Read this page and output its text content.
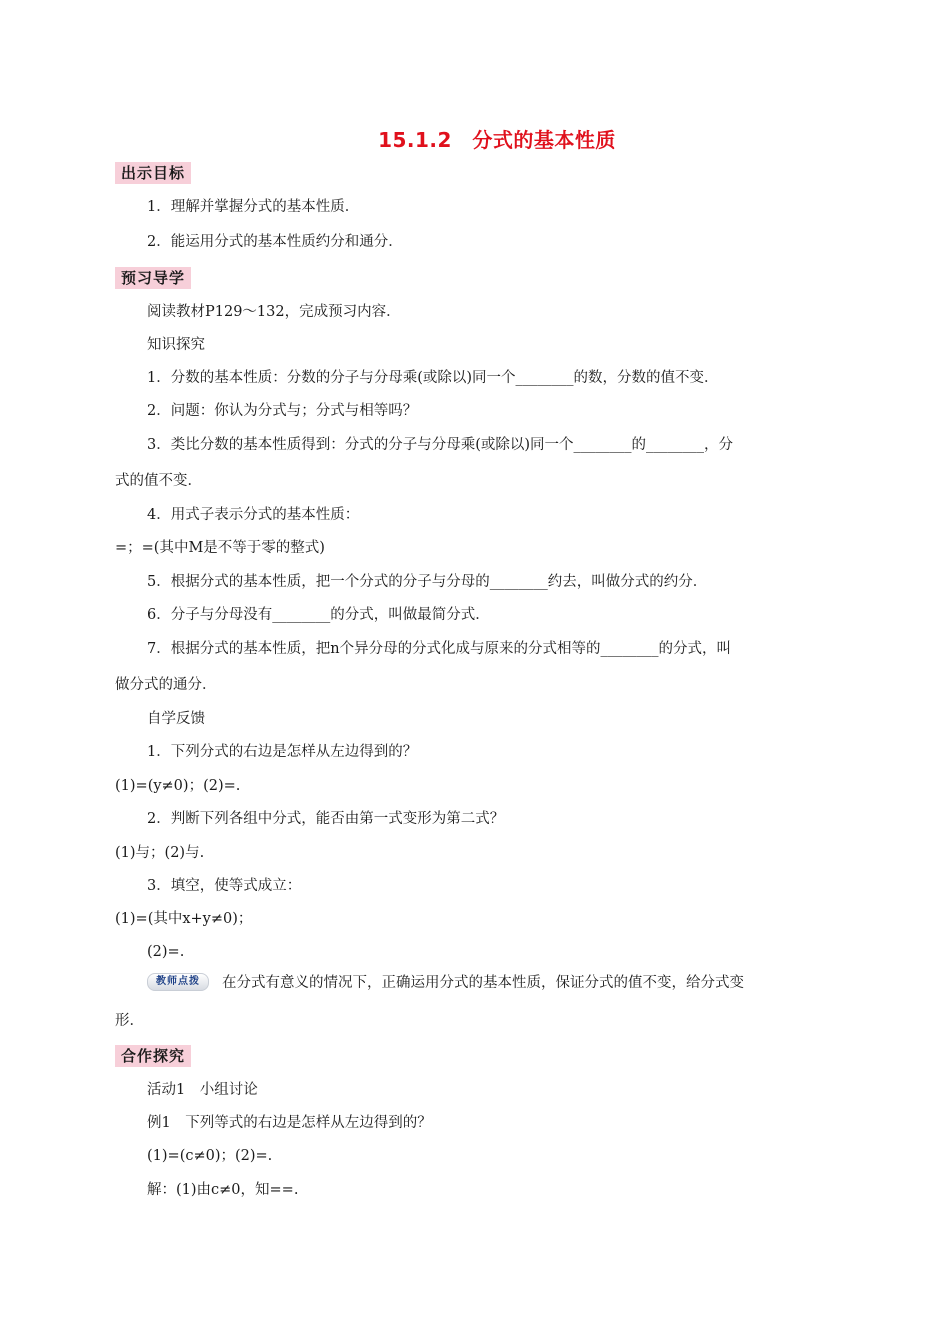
15.1.2　分式的基本性质
出示目标
1．理解并掌握分式的基本性质．
2．能运用分式的基本性质约分和通分．
预习导学
阅读教材P129～132，完成预习内容．
知识探究
1．分数的基本性质：分数的分子与分母乘(或除以)同一个________的数，分数的值不变．
2．问题：你认为分式与；分式与相等吗？
3．类比分数的基本性质得到：分式的分子与分母乘(或除以)同一个________的________，分
式的值不变．
4．用式子表示分式的基本性质：
=；=(其中M是不等于零的整式)
5．根据分式的基本性质，把一个分式的分子与分母的________约去，叫做分式的约分．
6．分子与分母没有________的分式，叫做最简分式．
7．根据分式的基本性质，把n个异分母的分式化成与原来的分式相等的________的分式，叫
做分式的通分．
自学反馈
1．下列分式的右边是怎样从左边得到的？
(1)=(y≠0)；(2)=.
2．判断下列各组中分式，能否由第一式变形为第二式？
(1)与；(2)与.
3．填空，使等式成立：
(1)=(其中x+y≠0)；
(2)=.
教师点拨	在分式有意义的情况下，正确运用分式的基本性质，保证分式的值不变，给分式变
形．
合作探究
活动1　小组讨论
例1　下列等式的右边是怎样从左边得到的？
(1)=(c≠0)；(2)=.
解：(1)由c≠0，知==.
